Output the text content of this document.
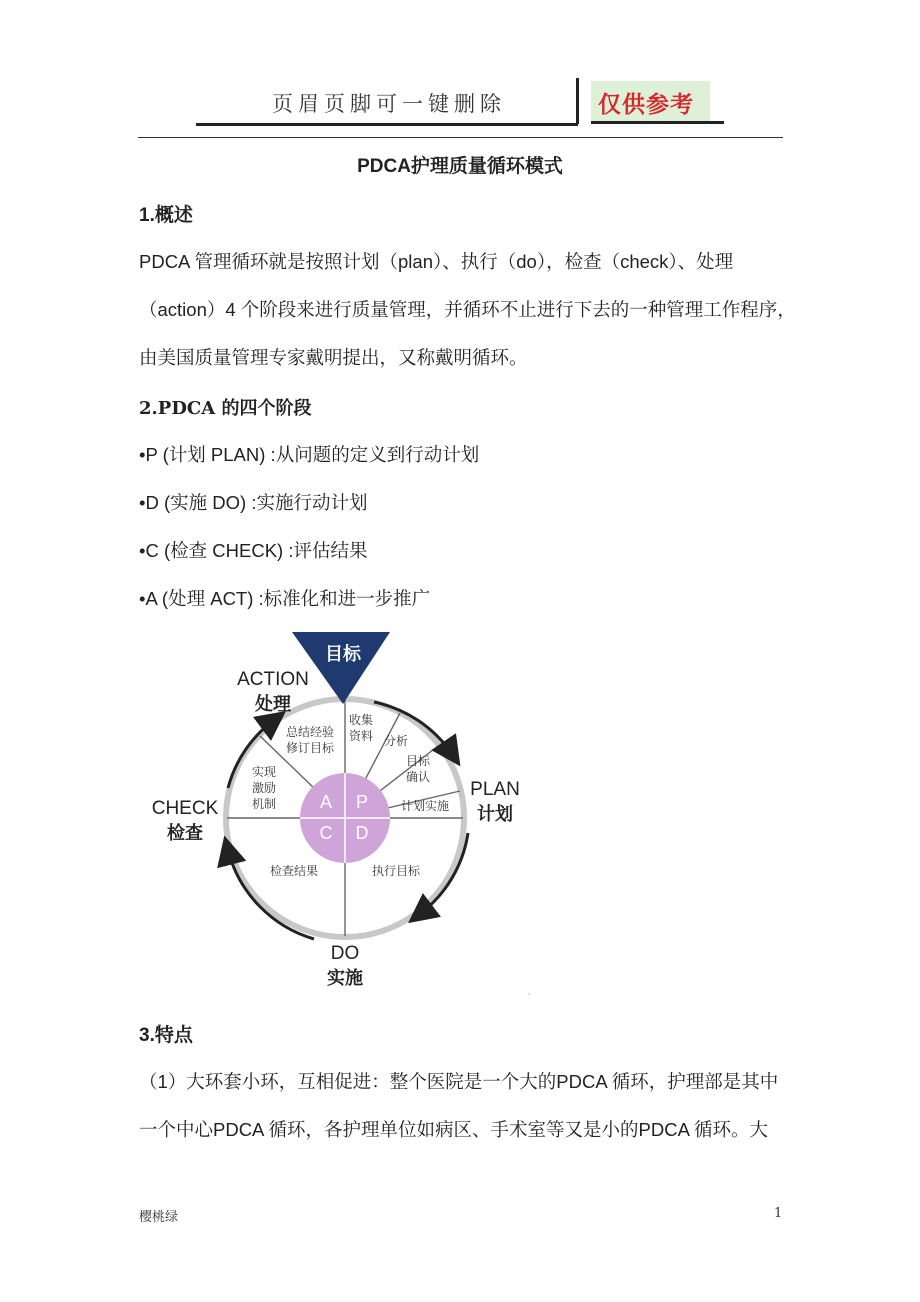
页眉页脚可一键删除	仅供参考
PDCA护理质量循环模式
1.概述
PDCA 管理循环就是按照计划（plan）、执行（do），检查（check）、处理
（action）4 个阶段来进行质量管理，并循环不止进行下去的一种管理工作程序，
由美国质量管理专家戴明提出，又称戴明循环。
2.PDCA 的四个阶段
•P (计划 PLAN) :从问题的定义到行动计划
•D (实施 DO) :实施行动计划
•C (检查 CHECK) :评估结果
•A (处理 ACT) :标准化和进一步推广
A P
C D
目标
ACTION
处理
PLAN
计划
CHECK
检查
DO
实施
总结经验
修订目标
收集
资料 分析
目标
确认
计划实施
实现
激励
机制
检查结果	执行目标
ˎ
3.特点
（1）大环套小环，互相促进：整个医院是一个大的PDCA 循环，护理部是其中
一个中心PDCA 循环，各护理单位如病区、手术室等又是小的PDCA 循环。大
樱桃绿	1
